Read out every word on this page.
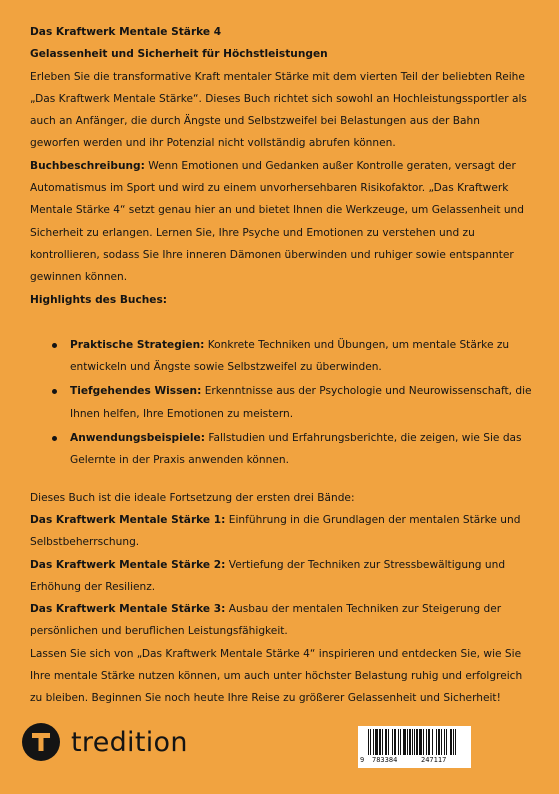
Das Kraftwerk Mentale Stärke 4

Gelassenheit und Sicherheit für Höchstleistungen

Erleben Sie die transformative Kraft mentaler Stärke mit dem vierten Teil der beliebten Reihe „Das Kraftwerk Mentale Stärke“. Dieses Buch richtet sich sowohl an Hochleistungssportler als auch an Anfänger, die durch Ängste und Selbstzweifel bei Belastungen aus der Bahn geworfen werden und ihr Potenzial nicht vollständig abrufen können.

Buchbeschreibung: Wenn Emotionen und Gedanken außer Kontrolle geraten, versagt der Automatismus im Sport und wird zu einem unvorhersehbaren Risikofaktor. „Das Kraftwerk Mentale Stärke 4“ setzt genau hier an und bietet Ihnen die Werkzeuge, um Gelassenheit und Sicherheit zu erlangen. Lernen Sie, Ihre Psyche und Emotionen zu verstehen und zu kontrollieren, sodass Sie Ihre inneren Dämonen überwinden und ruhiger sowie entspannter gewinnen können.

Highlights des Buches:

Praktische Strategien: Konkrete Techniken und Übungen, um mentale Stärke zu entwickeln und Ängste sowie Selbstzweifel zu überwinden.
Tiefgehendes Wissen: Erkenntnisse aus der Psychologie und Neurowissenschaft, die Ihnen helfen, Ihre Emotionen zu meistern.
Anwendungsbeispiele: Fallstudien und Erfahrungsberichte, die zeigen, wie Sie das Gelernte in der Praxis anwenden können.

Dieses Buch ist die ideale Fortsetzung der ersten drei Bände:

Das Kraftwerk Mentale Stärke 1: Einführung in die Grundlagen der mentalen Stärke und Selbstbeherrschung.

Das Kraftwerk Mentale Stärke 2: Vertiefung der Techniken zur Stressbewältigung und Erhöhung der Resilienz.

Das Kraftwerk Mentale Stärke 3: Ausbau der mentalen Techniken zur Steigerung der persönlichen und beruflichen Leistungsfähigkeit.

Lassen Sie sich von „Das Kraftwerk Mentale Stärke 4“ inspirieren und entdecken Sie, wie Sie Ihre mentale Stärke nutzen können, um auch unter höchster Belastung ruhig und erfolgreich zu bleiben. Beginnen Sie noch heute Ihre Reise zu größerer Gelassenheit und Sicherheit!

tredition
9 783384	247117
